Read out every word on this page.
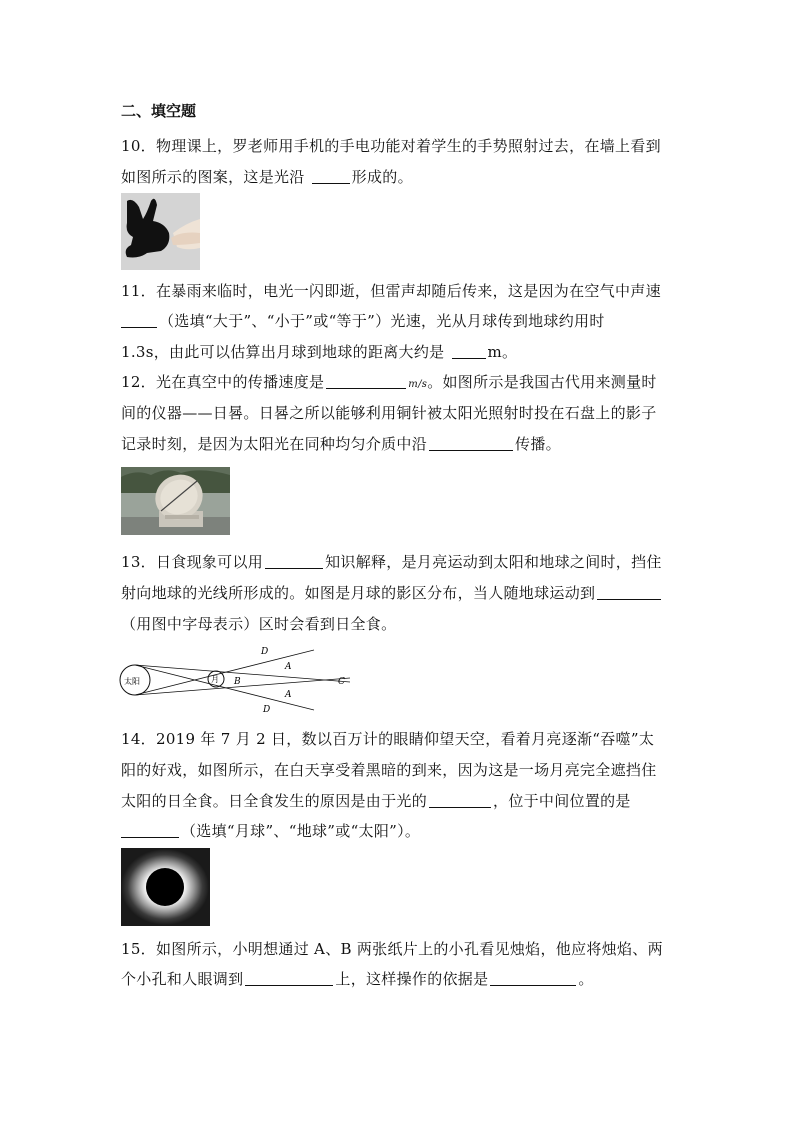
二、填空题
10．物理课上，罗老师用手机的手电功能对着学生的手势照射过去，在墙上看到
如图所示的图案，这是光沿	形成的。
11．在暴雨来临时，电光一闪即逝，但雷声却随后传来，这是因为在空气中声速
（选填“大于”、“小于”或“等于”）光速，光从月球传到地球约用时
1.3s，由此可以估算出月球到地球的距离大约是	m。
12．光在真空中的传播速度是	m/s。如图所示是我国古代用来测量时
间的仪器——日晷。日晷之所以能够利用铜针被太阳光照射时投在石盘上的影子
记录时刻，是因为太阳光在同种均匀介质中沿	传播。
13．日食现象可以用	知识解释，是月亮运动到太阳和地球之间时，挡住
射向地球的光线所形成的。如图是月球的影区分布，当人随地球运动到
（用图中字母表示）区时会看到日全食。
太阳	月
D
A
B	C
A
D
14．2019 年 7 月 2 日，数以百万计的眼睛仰望天空，看着月亮逐渐“吞噬”太
阳的好戏，如图所示，在白天享受着黑暗的到来，因为这是一场月亮完全遮挡住
太阳的日全食。日全食发生的原因是由于光的	，位于中间位置的是
（选填“月球”、“地球”或“太阳”）。
15．如图所示，小明想通过 A、B 两张纸片上的小孔看见烛焰，他应将烛焰、两
个小孔和人眼调到	上，这样操作的依据是	。
